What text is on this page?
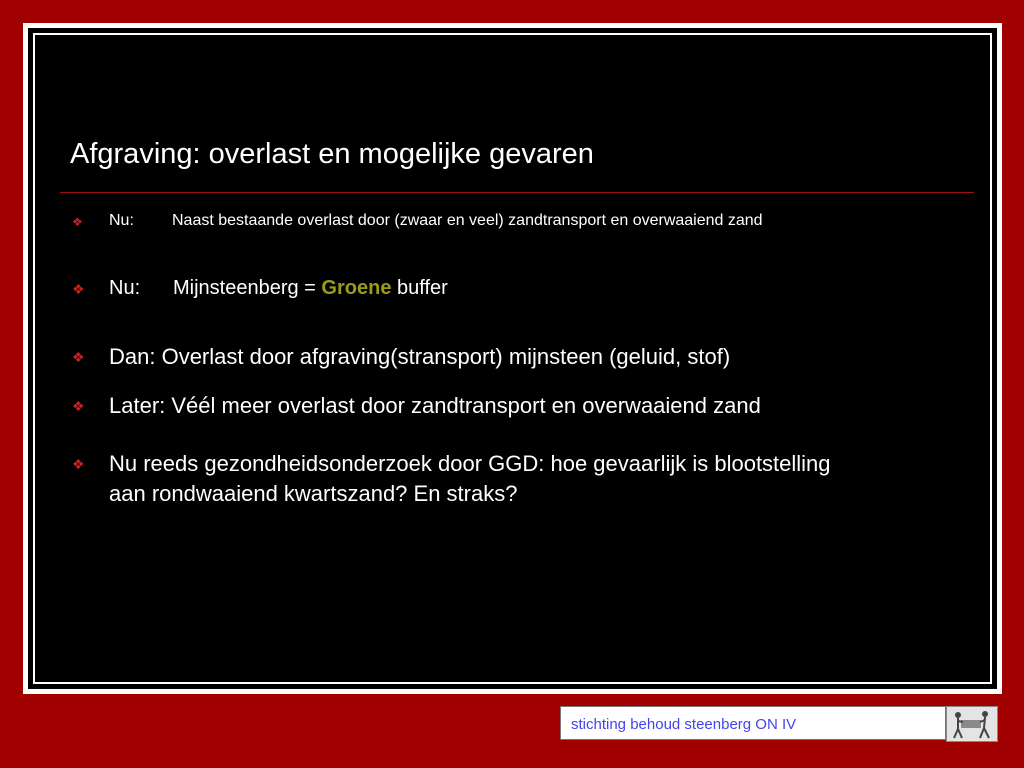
Afgraving: overlast en mogelijke gevaren
❖ Nu: Naast bestaande overlast door (zwaar en veel) zandtransport en overwaaiend zand
❖ Nu: Mijnsteenberg = Groene buffer
❖ Dan: Overlast door afgraving(stransport) mijnsteen (geluid, stof)
❖ Later: Véél meer overlast door zandtransport en overwaaiend zand
❖ Nu reeds gezondheidsonderzoek door GGD: hoe gevaarlijk is blootstelling
aan rondwaaiend kwartszand? En straks?
stichting behoud steenberg ON IV
